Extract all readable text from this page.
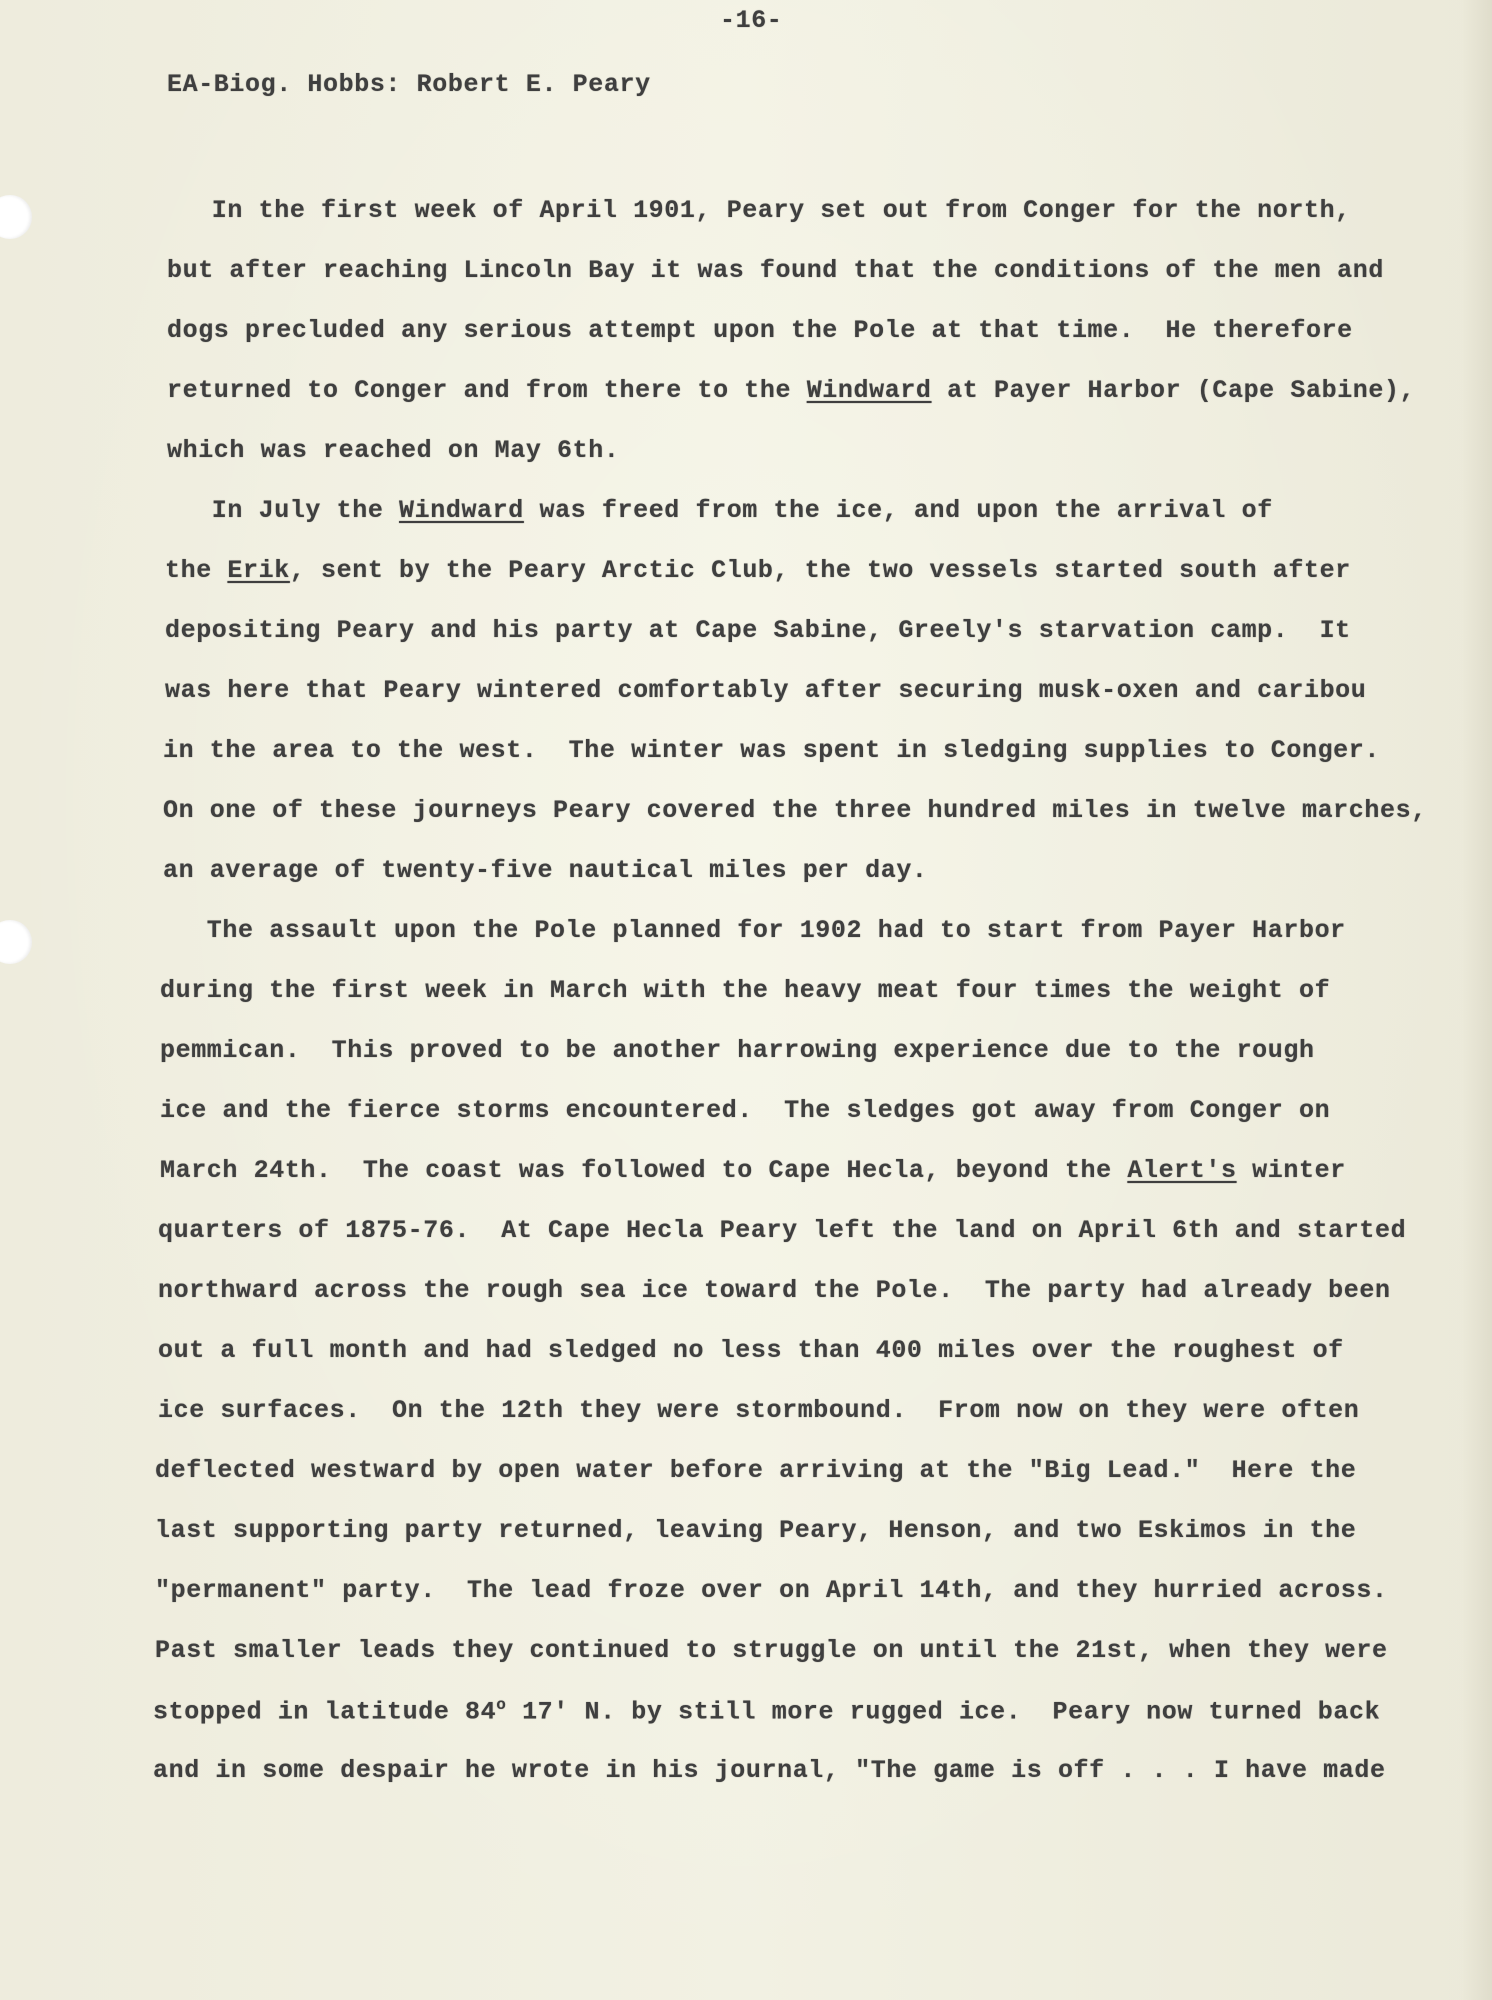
-16-
EA-Biog. Hobbs: Robert E. Peary
In the first week of April 1901, Peary set out from Conger for the north,
but after reaching Lincoln Bay it was found that the conditions of the men and
dogs precluded any serious attempt upon the Pole at that time.  He therefore
returned to Conger and from there to the Windward at Payer Harbor (Cape Sabine),
which was reached on May 6th.
In July the Windward was freed from the ice, and upon the arrival of
the Erik, sent by the Peary Arctic Club, the two vessels started south after
depositing Peary and his party at Cape Sabine, Greely's starvation camp.  It
was here that Peary wintered comfortably after securing musk-oxen and caribou
in the area to the west.  The winter was spent in sledging supplies to Conger.
On one of these journeys Peary covered the three hundred miles in twelve marches,
an average of twenty-five nautical miles per day.
The assault upon the Pole planned for 1902 had to start from Payer Harbor
during the first week in March with the heavy meat four times the weight of
pemmican.  This proved to be another harrowing experience due to the rough
ice and the fierce storms encountered.  The sledges got away from Conger on
March 24th.  The coast was followed to Cape Hecla, beyond the Alert's winter
quarters of 1875-76.  At Cape Hecla Peary left the land on April 6th and started
northward across the rough sea ice toward the Pole.  The party had already been
out a full month and had sledged no less than 400 miles over the roughest of
ice surfaces.  On the 12th they were stormbound.  From now on they were often
deflected westward by open water before arriving at the "Big Lead."  Here the
last supporting party returned, leaving Peary, Henson, and two Eskimos in the
"permanent" party.  The lead froze over on April 14th, and they hurried across.
Past smaller leads they continued to struggle on until the 21st, when they were
stopped in latitude 84$^o$ 17' N. by still more rugged ice.  Peary now turned back
and in some despair he wrote in his journal, "The game is off . . . I have made
